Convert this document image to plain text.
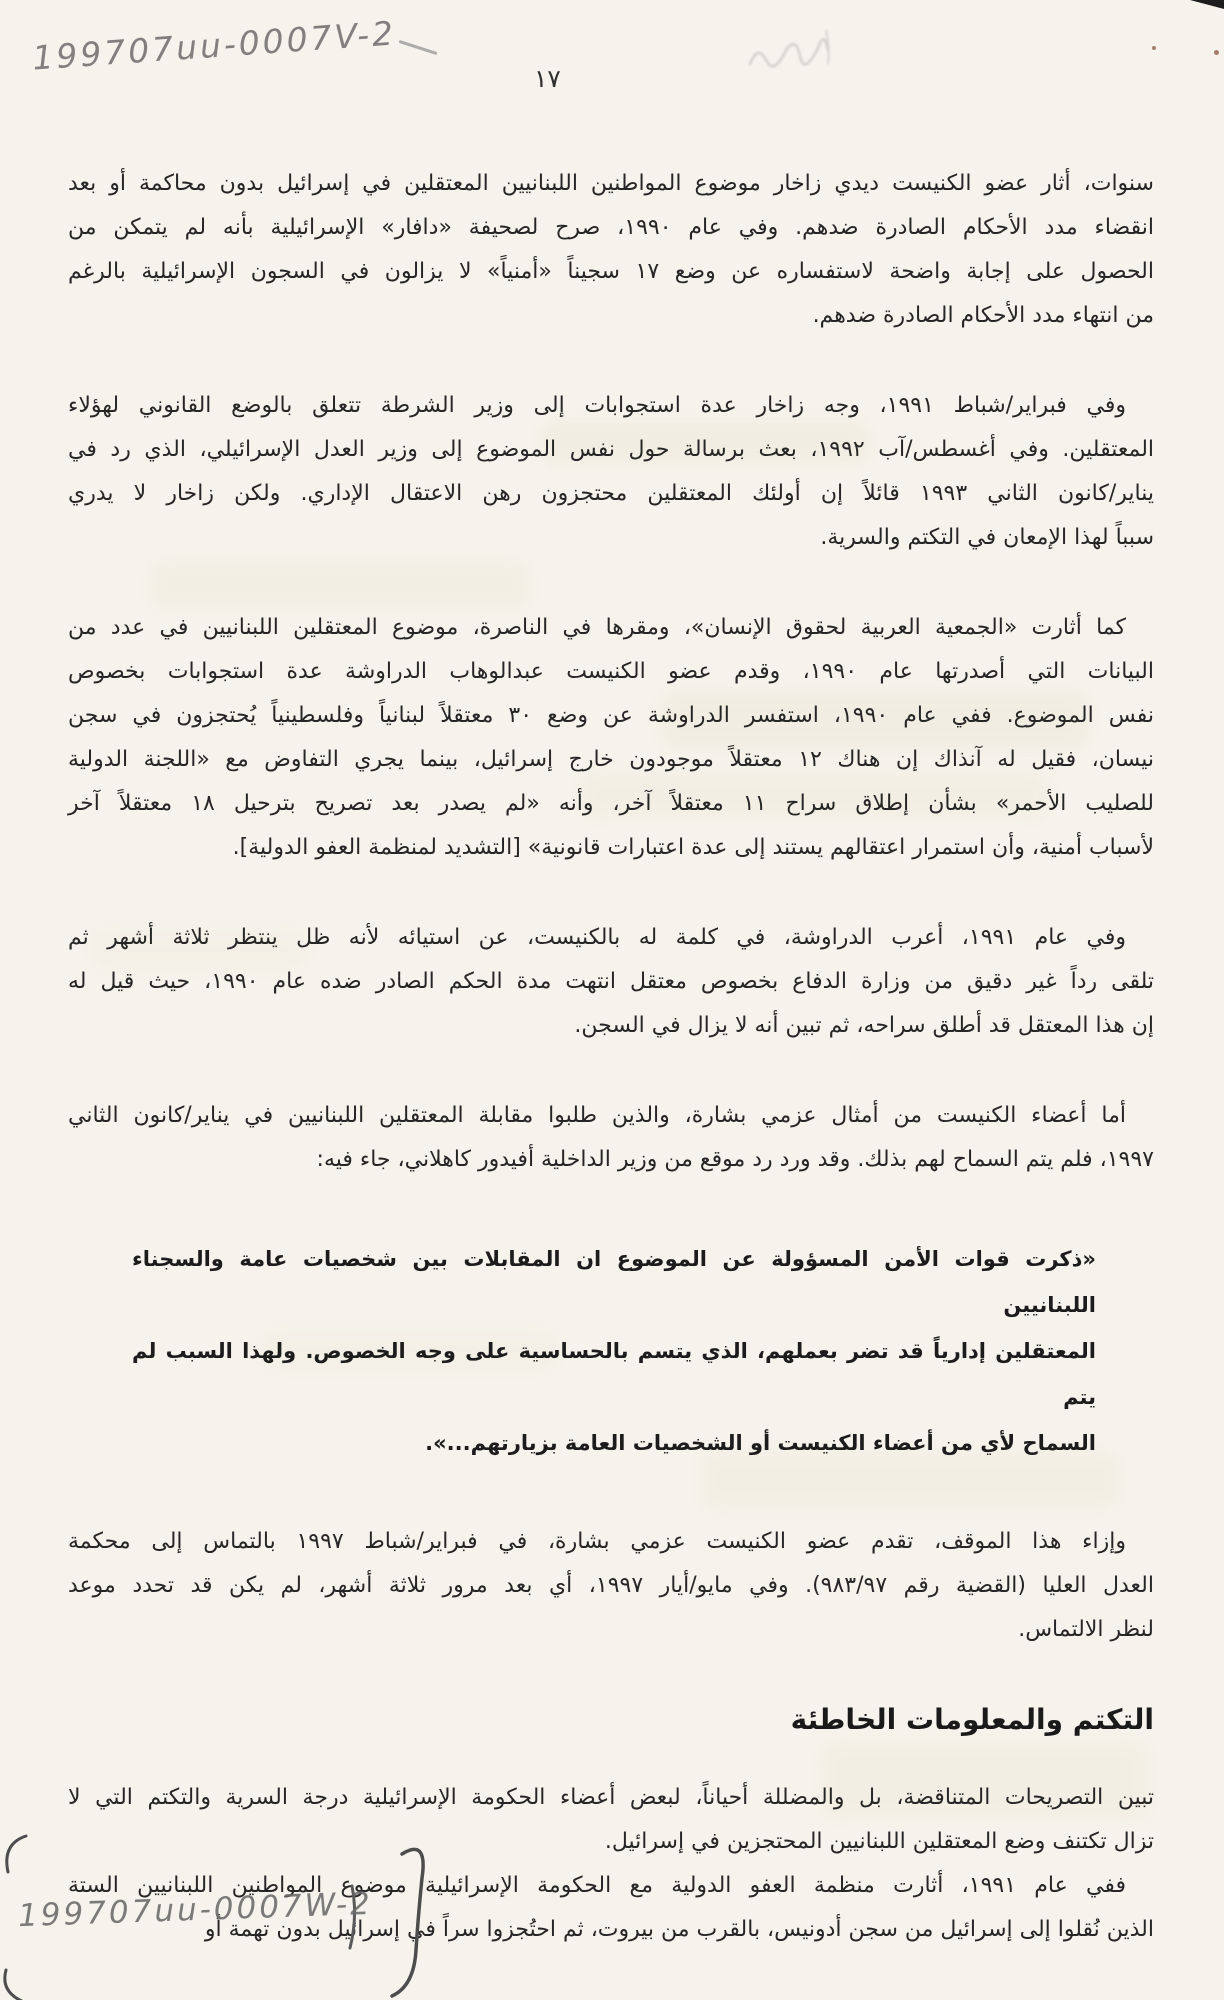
199707uu-0007V-2
١٧
سنوات، أثار عضو الكنيست ديدي زاخار موضوع المواطنين اللبنانيين المعتقلين في إسرائيل بدون محاكمة أو بعد
انقضاء مدد الأحكام الصادرة ضدهم. وفي عام ١٩٩٠، صرح لصحيفة «دافار» الإسرائيلية بأنه لم يتمكن من
الحصول على إجابة واضحة لاستفساره عن وضع ١٧ سجيناً «أمنياً» لا يزالون في السجون الإسرائيلية بالرغم
من انتهاء مدد الأحكام الصادرة ضدهم.
وفي فبراير/شباط ١٩٩١، وجه زاخار عدة استجوابات إلى وزير الشرطة تتعلق بالوضع القانوني لهؤلاء
المعتقلين. وفي أغسطس/آب ١٩٩٢، بعث برسالة حول نفس الموضوع إلى وزير العدل الإسرائيلي، الذي رد في
يناير/كانون الثاني ١٩٩٣ قائلاً إن أولئك المعتقلين محتجزون رهن الاعتقال الإداري. ولكن زاخار لا يدري
سبباً لهذا الإمعان في التكتم والسرية.
كما أثارت «الجمعية العربية لحقوق الإنسان»، ومقرها في الناصرة، موضوع المعتقلين اللبنانيين في عدد من
البيانات التي أصدرتها عام ١٩٩٠، وقدم عضو الكنيست عبدالوهاب الدراوشة عدة استجوابات بخصوص
نفس الموضوع. ففي عام ١٩٩٠، استفسر الدراوشة عن وضع ٣٠ معتقلاً لبنانياً وفلسطينياً يُحتجزون في سجن
نيسان، فقيل له آنذاك إن هناك ١٢ معتقلاً موجودون خارج إسرائيل، بينما يجري التفاوض مع «اللجنة الدولية
للصليب الأحمر» بشأن إطلاق سراح ١١ معتقلاً آخر، وأنه «لم يصدر بعد تصريح بترحيل ١٨ معتقلاً آخر
لأسباب أمنية، وأن استمرار اعتقالهم يستند إلى عدة اعتبارات قانونية» [التشديد لمنظمة العفو الدولية].
وفي عام ١٩٩١، أعرب الدراوشة، في كلمة له بالكنيست، عن استيائه لأنه ظل ينتظر ثلاثة أشهر ثم
تلقى رداً غير دقيق من وزارة الدفاع بخصوص معتقل انتهت مدة الحكم الصادر ضده عام ١٩٩٠، حيث قيل له
إن هذا المعتقل قد أطلق سراحه، ثم تبين أنه لا يزال في السجن.
أما أعضاء الكنيست من أمثال عزمي بشارة، والذين طلبوا مقابلة المعتقلين اللبنانيين في يناير/كانون الثاني
١٩٩٧، فلم يتم السماح لهم بذلك. وقد ورد رد موقع من وزير الداخلية أفيدور كاهلاني، جاء فيه:
«ذكرت قوات الأمن المسؤولة عن الموضوع ان المقابلات بين شخصيات عامة والسجناء اللبنانيين
المعتقلين إدارياً قد تضر بعملهم، الذي يتسم بالحساسية على وجه الخصوص. ولهذا السبب لم يتم
السماح لأي من أعضاء الكنيست أو الشخصيات العامة بزيارتهم...».
وإزاء هذا الموقف، تقدم عضو الكنيست عزمي بشارة، في فبراير/شباط ١٩٩٧ بالتماس إلى محكمة
العدل العليا (القضية رقم ٩٨٣/٩٧). وفي مايو/أيار ١٩٩٧، أي بعد مرور ثلاثة أشهر، لم يكن قد تحدد موعد
لنظر الالتماس.
التكتم والمعلومات الخاطئة
تبين التصريحات المتناقضة، بل والمضللة أحياناً، لبعض أعضاء الحكومة الإسرائيلية درجة السرية والتكتم التي لا
تزال تكتنف وضع المعتقلين اللبنانيين المحتجزين في إسرائيل.
ففي عام ١٩٩١، أثارت منظمة العفو الدولية مع الحكومة الإسرائيلية موضوع المواطنين اللبنانيين الستة
الذين نُقلوا إلى إسرائيل من سجن أدونيس، بالقرب من بيروت، ثم احتُجزوا سراً في إسرائيل بدون تهمة أو
199707uu-0007W-2
